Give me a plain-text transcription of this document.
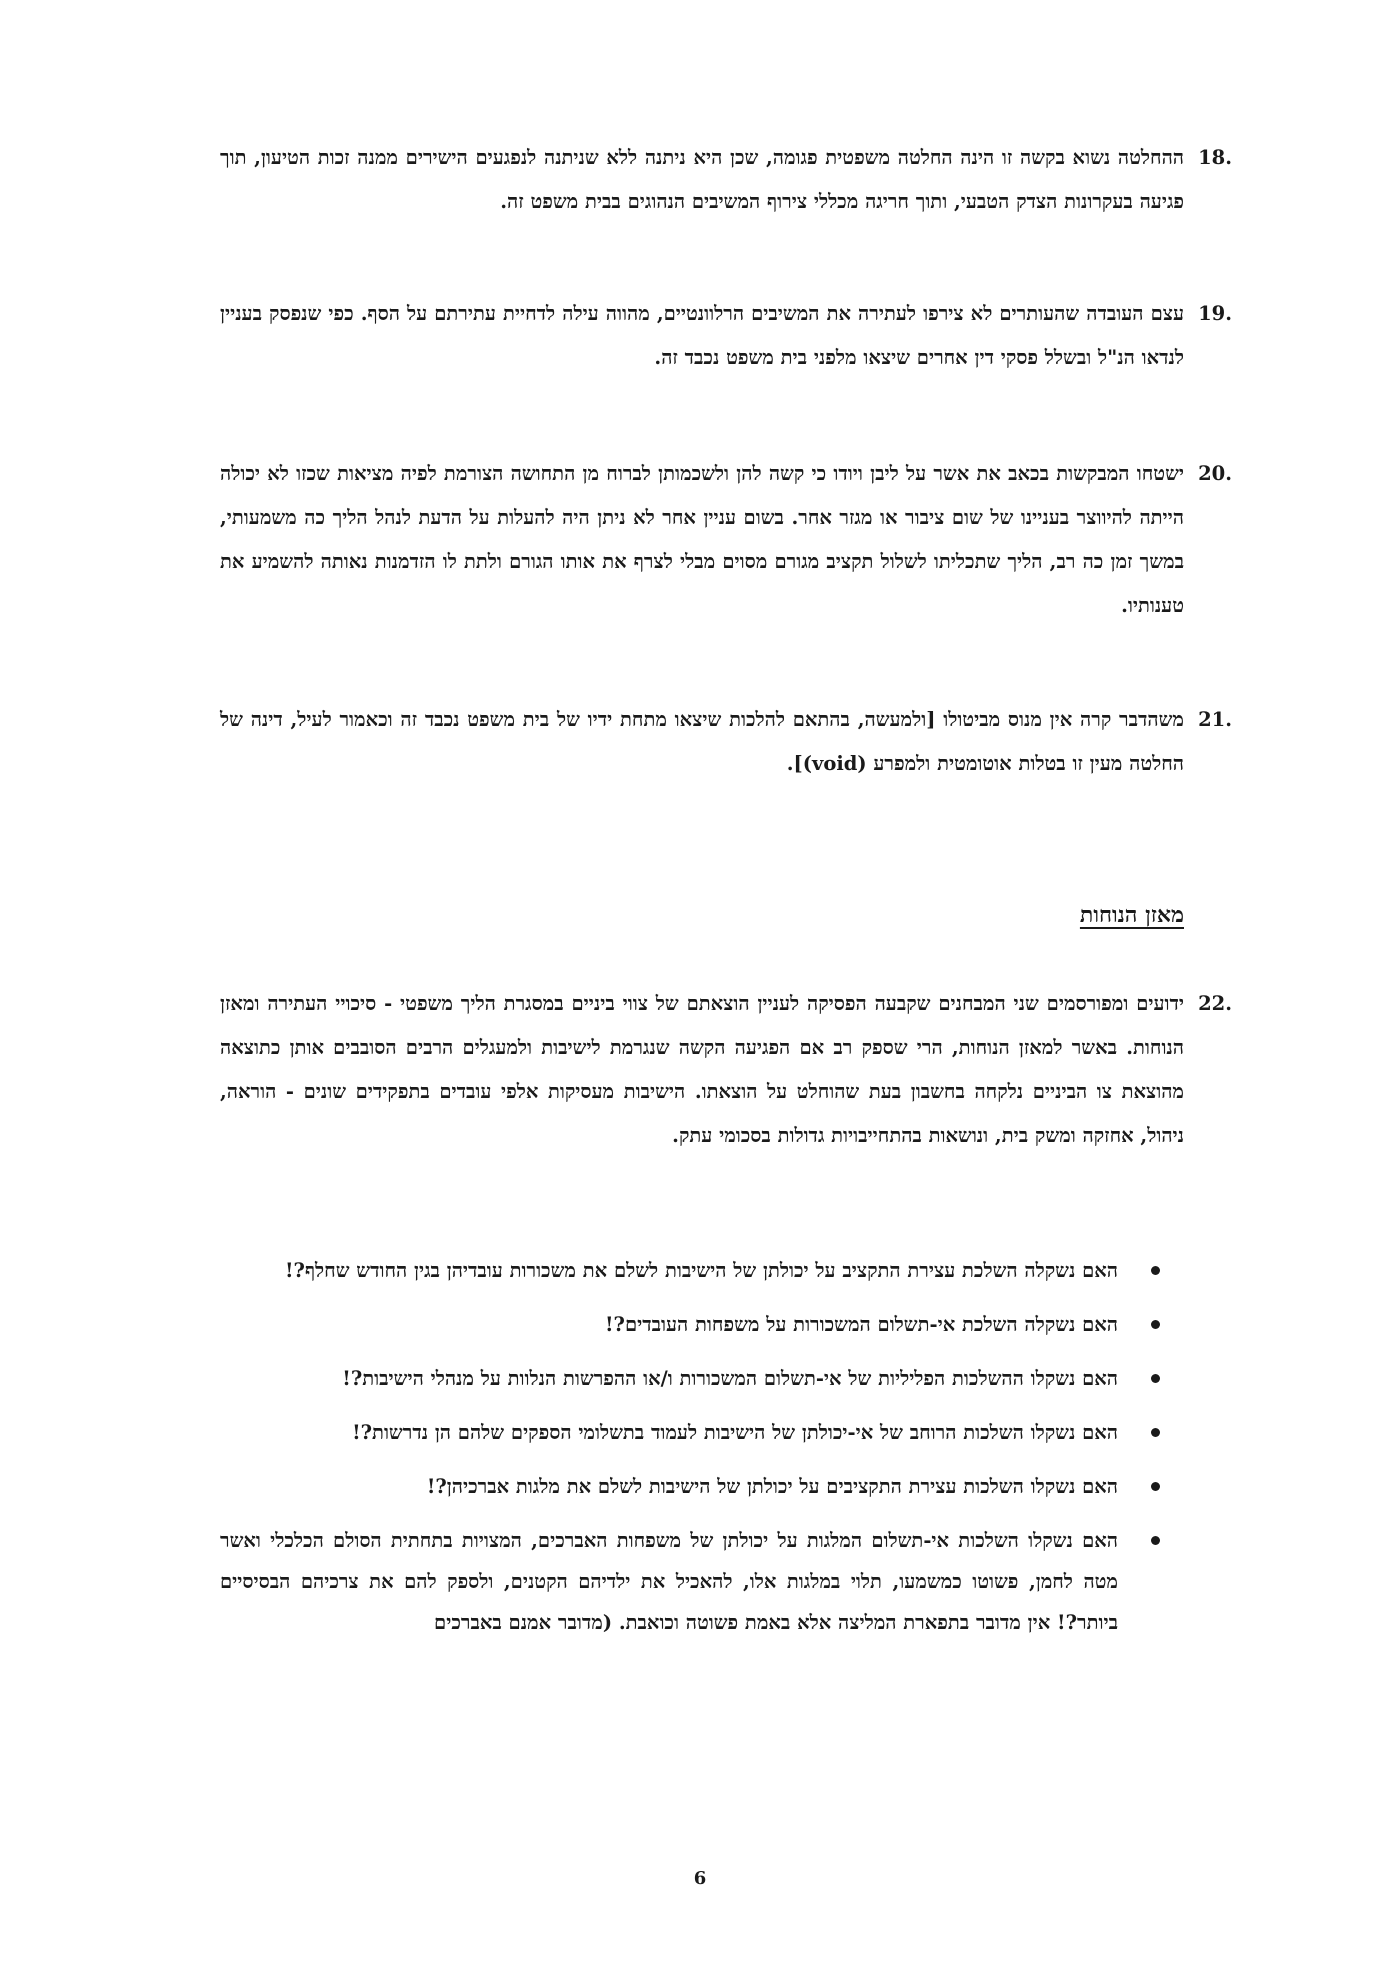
18.
ההחלטה נשוא בקשה זו הינה החלטה משפטית פגומה, שכן היא ניתנה ללא שניתנה לנפגעים הישירים ממנה זכות הטיעון, תוך פגיעה בעקרונות הצדק הטבעי, ותוך חריגה מכללי צירוף המשיבים הנהוגים בבית משפט זה.
19.
עצם העובדה שהעותרים לא צירפו לעתירה את המשיבים הרלוונטיים, מהווה עילה לדחיית עתירתם על הסף. כפי שנפסק בעניין לנדאו הנ"ל ובשלל פסקי דין אחרים שיצאו מלפני בית משפט נכבד זה.
20.
ישטחו המבקשות בכאב את אשר על ליבן ויודו כי קשה להן ולשכמותן לברוח מן התחושה הצורמת לפיה מציאות שכזו לא יכולה הייתה להיווצר בעניינו של שום ציבור או מגזר אחר. בשום עניין אחר לא ניתן היה להעלות על הדעת לנהל הליך כה משמעותי, במשך זמן כה רב, הליך שתכליתו לשלול תקציב מגורם מסוים מבלי לצרף את אותו הגורם ולתת לו הזדמנות נאותה להשמיע את טענותיו.
21.
משהדבר קרה אין מנוס מביטולו [ולמעשה, בהתאם להלכות שיצאו מתחת ידיו של בית משפט נכבד זה וכאמור לעיל, דינה של החלטה מעין זו בטלות אוטומטית ולמפרע (void)].
מאזן הנוחות
22.
ידועים ומפורסמים שני המבחנים שקבעה הפסיקה לעניין הוצאתם של צווי ביניים במסגרת הליך משפטי - סיכויי העתירה ומאזן הנוחות. באשר למאזן הנוחות, הרי שספק רב אם הפגיעה הקשה שנגרמת לישיבות ולמעגלים הרבים הסובבים אותן כתוצאה מהוצאת צו הביניים נלקחה בחשבון בעת שהוחלט על הוצאתו. הישיבות מעסיקות אלפי עובדים בתפקידים שונים - הוראה, ניהול, אחזקה ומשק בית, ונושאות בהתחייבויות גדולות בסכומי עתק.
האם נשקלה השלכת עצירת התקציב על יכולתן של הישיבות לשלם את משכורות עובדיהן בגין החודש שחלף?!
האם נשקלה השלכת אי-תשלום המשכורות על משפחות העובדים?!
האם נשקלו ההשלכות הפליליות של אי-תשלום המשכורות ו/או ההפרשות הנלוות על מנהלי הישיבות?!
האם נשקלו השלכות הרוחב של אי-יכולתן של הישיבות לעמוד בתשלומי הספקים שלהם הן נדרשות?!
האם נשקלו השלכות עצירת התקציבים על יכולתן של הישיבות לשלם את מלגות אברכיהן?!
האם נשקלו השלכות אי-תשלום המלגות על יכולתן של משפחות האברכים, המצויות בתחתית הסולם הכלכלי ואשר מטה לחמן, פשוטו כמשמעו, תלוי במלגות אלו, להאכיל את ילדיהם הקטנים, ולספק להם את צרכיהם הבסיסיים ביותר?! אין מדובר בתפארת המליצה אלא באמת פשוטה וכואבת. (מדובר אמנם באברכים
6
